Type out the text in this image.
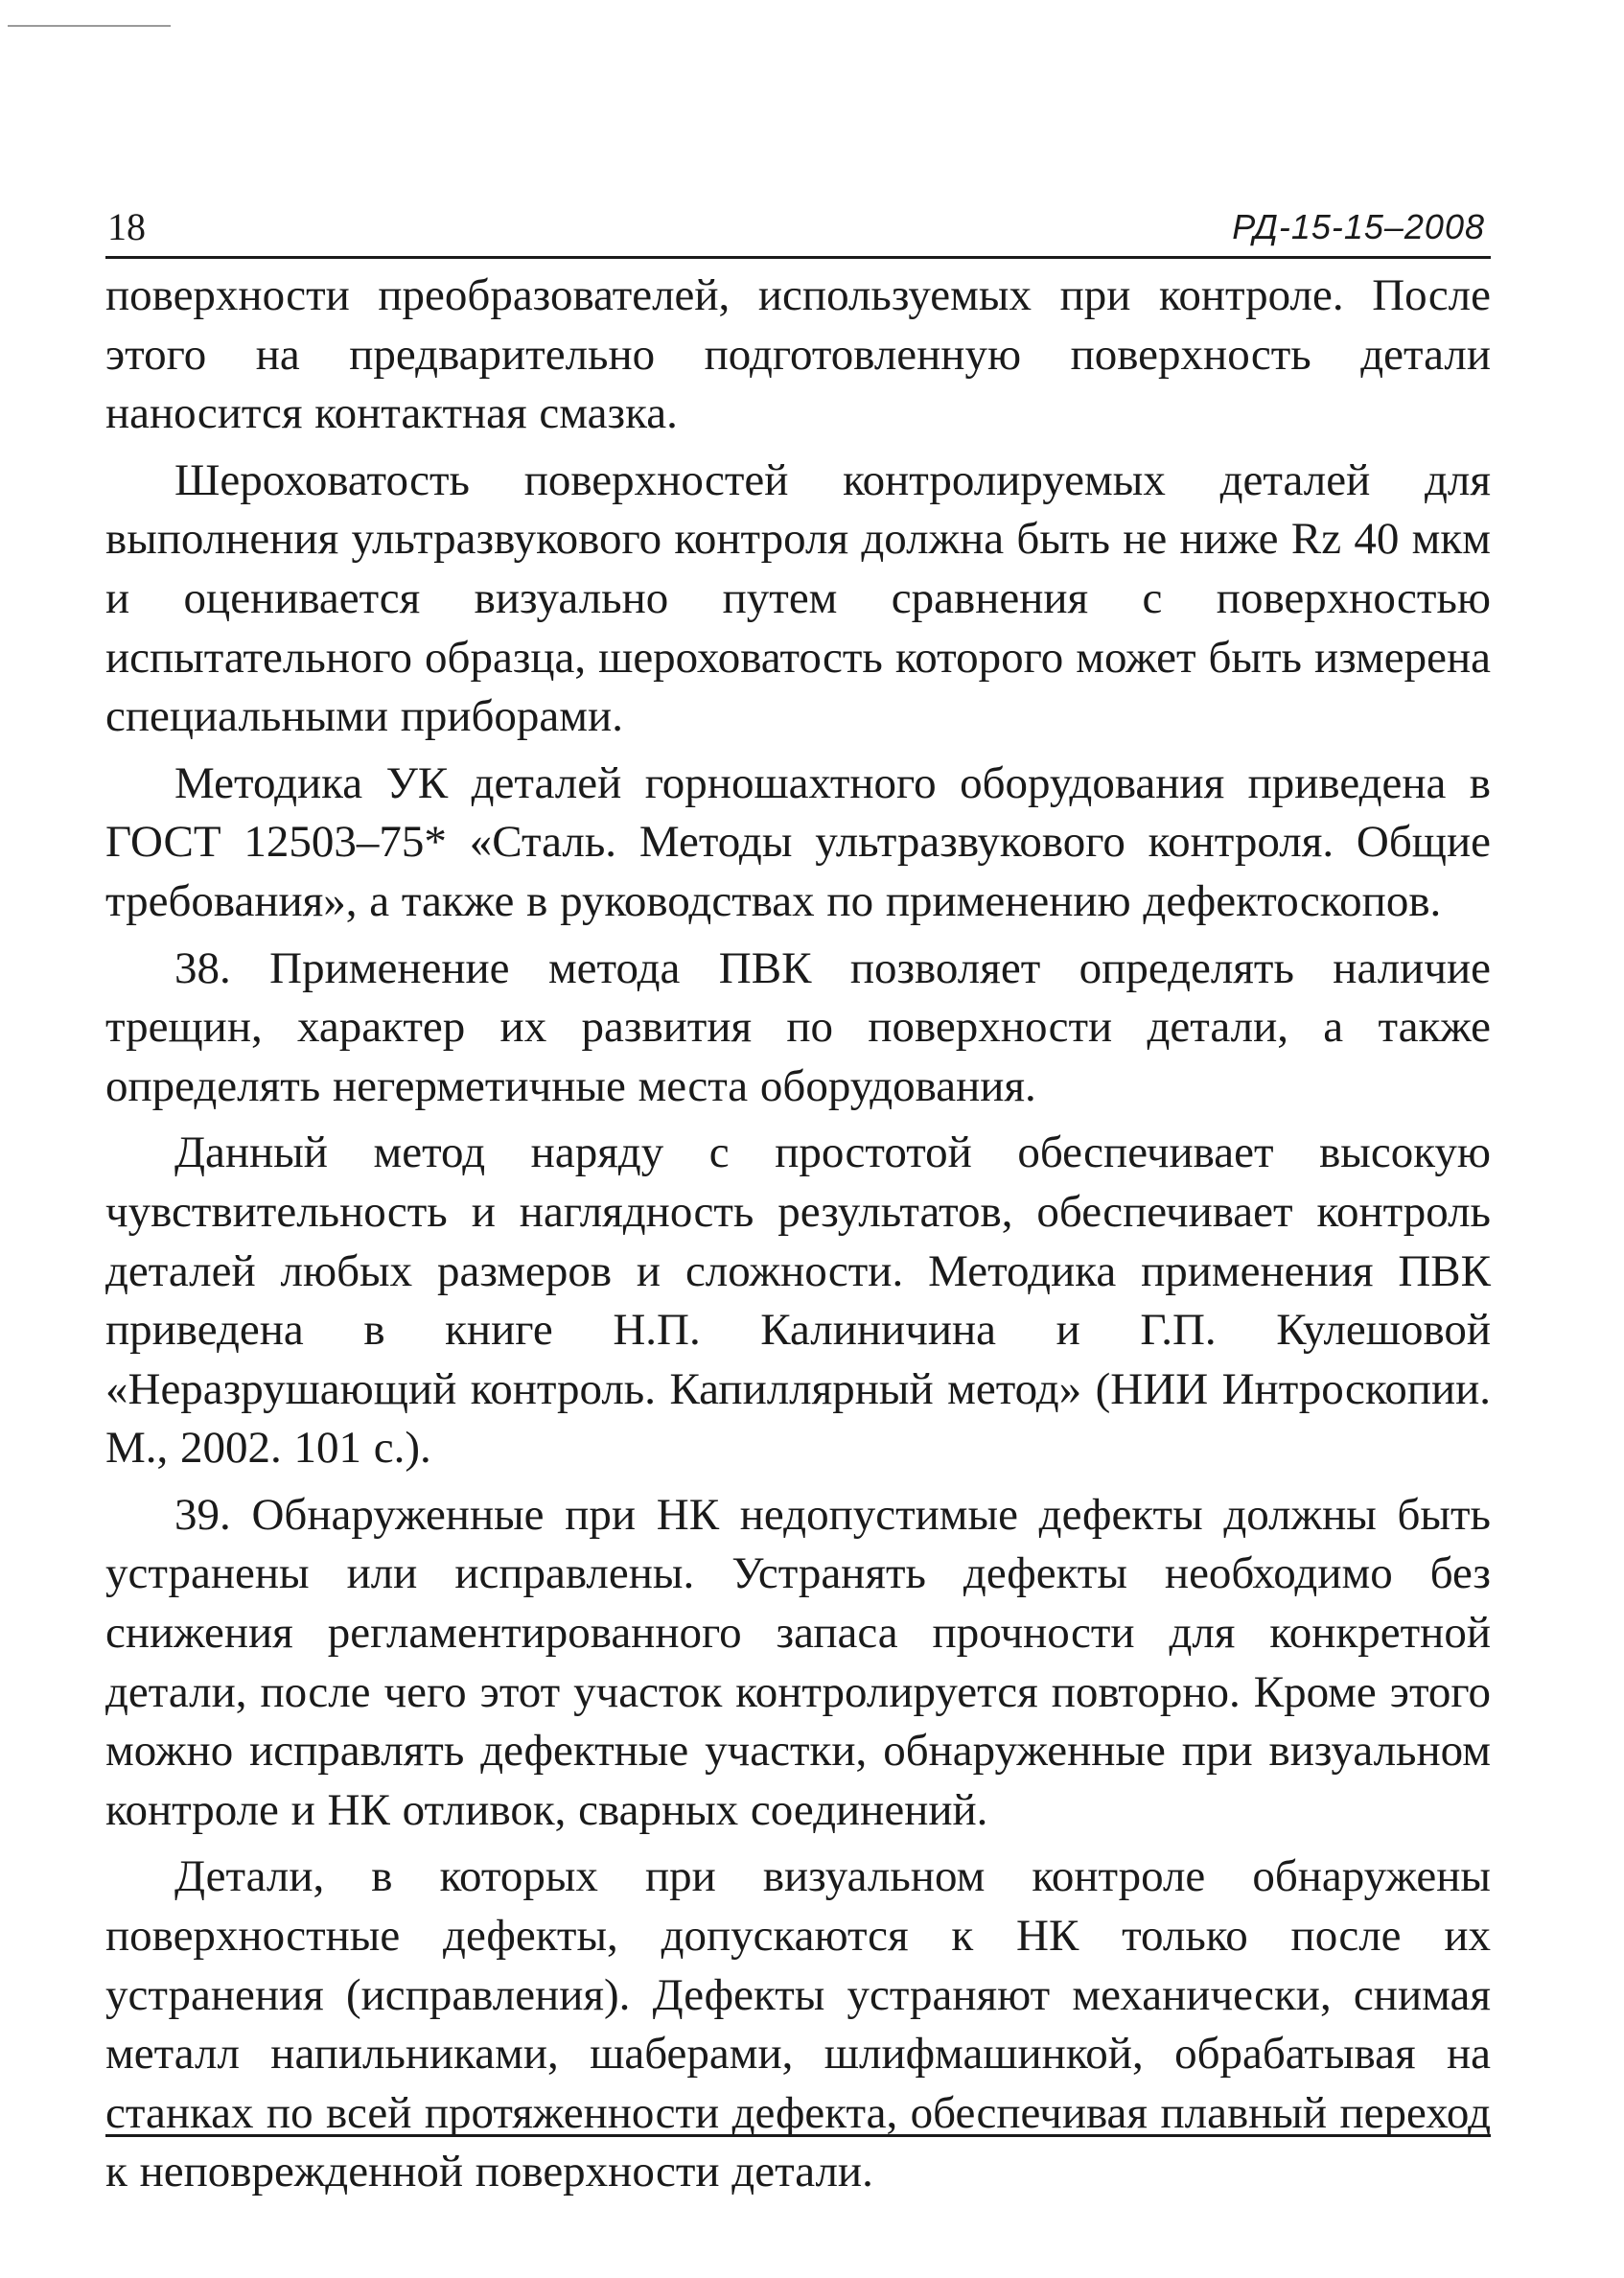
18	РД-15-15–2008

поверхности преобразователей, используемых при контроле. После этого на предварительно подготовленную поверхность детали наносится контактная смазка.

Шероховатость поверхностей контролируемых деталей для выполнения ультразвукового контроля должна быть не ниже Rz 40 мкм и оценивается визуально путем сравнения с поверхностью испытательного образца, шероховатость которого может быть измерена специальными приборами.

Методика УК деталей горношахтного оборудования приведена в ГОСТ 12503–75* «Сталь. Методы ультразвукового контроля. Общие требования», а также в руководствах по применению дефектоскопов.

38. Применение метода ПВК позволяет определять наличие трещин, характер их развития по поверхности детали, а также определять негерметичные места оборудования.

Данный метод наряду с простотой обеспечивает высокую чувствительность и наглядность результатов, обеспечивает контроль деталей любых размеров и сложности. Методика применения ПВК приведена в книге Н.П. Калиничина и Г.П. Кулешовой «Неразрушающий контроль. Капиллярный метод» (НИИ Интроскопии. М., 2002. 101 с.).

39. Обнаруженные при НК недопустимые дефекты должны быть устранены или исправлены. Устранять дефекты необходимо без снижения регламентированного запаса прочности для конкретной детали, после чего этот участок контролируется повторно. Кроме этого можно исправлять дефектные участки, обнаруженные при визуальном контроле и НК отливок, сварных соединений.

Детали, в которых при визуальном контроле обнаружены поверхностные дефекты, допускаются к НК только после их устранения (исправления). Дефекты устраняют механически, снимая металл напильниками, шаберами, шлифмашинкой, обрабатывая на станках по всей протяженности дефекта, обеспечивая плавный переход к неповрежденной поверхности детали.
